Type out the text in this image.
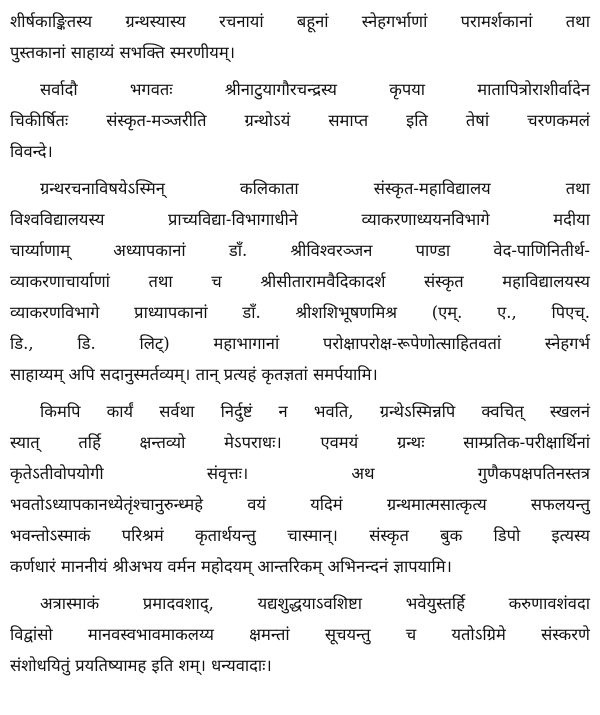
शीर्षकाङ्कितस्य ग्रन्थस्यास्य रचनायां बहूनां स्नेहगर्भाणां परामर्शकानां तथा
पुस्तकानां साहाय्यं सभक्ति स्मरणीयम्।
सर्वादौ भगवतः श्रीनाटुयागौरचन्द्रस्य कृपया मातापित्रोराशीर्वादेन
चिकीर्षितः संस्कृत-मञ्जरीति ग्रन्थोऽयं समाप्त इति तेषां चरणकमलं
विवन्दे।
ग्रन्थरचनाविषयेऽस्मिन् कलिकाता संस्कृत-महाविद्यालय तथा
विश्वविद्यालयस्य प्राच्यविद्या-विभागाधीने व्याकरणाध्ययनविभागे मदीया
चार्य्याणाम् अध्यापकानां डाँ. श्रीविश्वरञ्जन पाण्डा वेद-पाणिनितीर्थ-
व्याकरणाचार्याणां तथा च श्रीसीतारामवैदिकादर्श संस्कृत महाविद्यालयस्य
व्याकरणविभागे प्राध्यापकानां डाँ. श्रीशशिभूषणमिश्र (एम्. ए., पिएच्.
डि., डि. लिट्) महाभागानां परोक्षापरोक्ष-रूपेणोत्साहितवतां स्नेहगर्भ
साहाय्यम् अपि सदानुस्मर्तव्यम्। तान् प्रत्यहं कृतज्ञतां समर्पयामि।
किमपि कार्यं सर्वथा निर्दुष्टं न भवति, ग्रन्थेऽस्मिन्नपि क्वचित् स्खलनं
स्यात् तर्हि क्षन्तव्यो मेऽपराधः। एवमयं ग्रन्थः साम्प्रतिक-परीक्षार्थिनां
कृतेऽतीवोपयोगी संवृत्तः। अथ गुणैकपक्षपतिनस्तत्र
भवतोऽध्यापकानध्येतृंश्चानुरुन्ध्महे वयं यदिमं ग्रन्थमात्मसात्कृत्य सफलयन्तु
भवन्तोऽस्माकं परिश्रमं कृतार्थयन्तु चास्मान्। संस्कृत बुक डिपो इत्यस्य
कर्णधारं माननीयं श्रीअभय वर्मन महोदयम् आन्तरिकम् अभिनन्दनं ज्ञापयामि।
अत्रास्माकं प्रमादवशाद्, यद्यशुद्धयाऽवशिष्टा भवेयुस्तर्हि करुणावशंवदा
विद्वांसो मानवस्वभावमाकलय्य क्षमन्तां सूचयन्तु च यतोऽग्रिमे संस्करणे
संशोधयितुं प्रयतिष्यामह इति शम्। धन्यवादाः।
